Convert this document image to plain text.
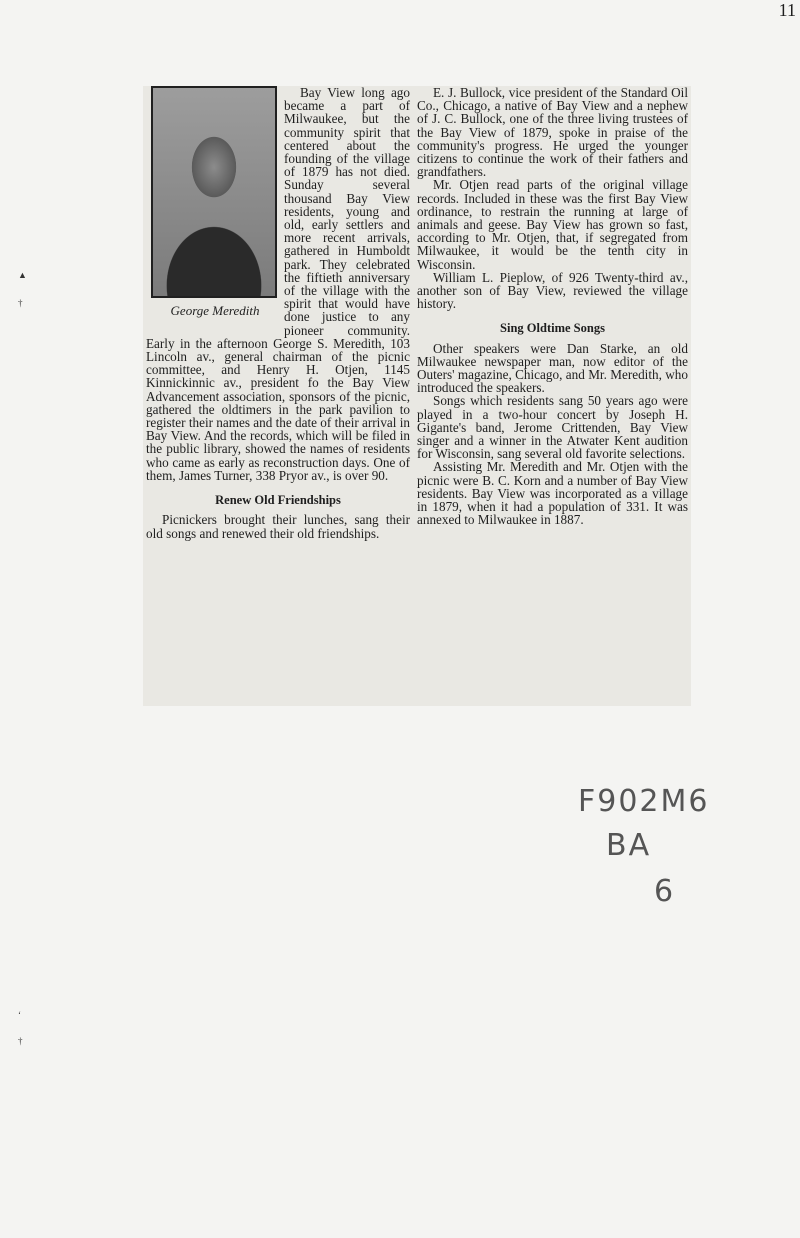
11
▲
†
‘
†
George Meredith

Bay View long ago became a part of Milwaukee, but the community spirit that centered about the founding of the village of 1879 has not died. Sunday several thousand Bay View residents, young and old, early settlers and more recent arrivals, gathered in Humboldt park. They celebrated the fiftieth anniversary of the village with the spirit that would have done justice to any pioneer community. Early in the afternoon George S. Meredith, 103 Lincoln av., general chairman of the picnic committee, and Henry H. Otjen, 1145 Kinnickinnic av., president fo the Bay View Advancement association, sponsors of the picnic, gathered the oldtimers in the park pavilion to register their names and the date of their arrival in Bay View. And the records, which will be filed in the public library, showed the names of residents who came as early as reconstruction days. One of them, James Turner, 338 Pryor av., is over 90.

Renew Old Friendships

Picnickers brought their lunches, sang their old songs and renewed their old friendships.

E. J. Bullock, vice president of the Standard Oil Co., Chicago, a native of Bay View and a nephew of J. C. Bullock, one of the three living trustees of the Bay View of 1879, spoke in praise of the community's progress. He urged the younger citizens to continue the work of their fathers and grandfathers.

Mr. Otjen read parts of the original village records. Included in these was the first Bay View ordinance, to restrain the running at large of animals and geese. Bay View has grown so fast, according to Mr. Otjen, that, if segregated from Milwaukee, it would be the tenth city in Wisconsin.

William L. Pieplow, of 926 Twenty-third av., another son of Bay View, reviewed the village history.

Sing Oldtime Songs

Other speakers were Dan Starke, an old Milwaukee newspaper man, now editor of the Outers' magazine, Chicago, and Mr. Meredith, who introduced the speakers.

Songs which residents sang 50 years ago were played in a two-hour concert by Joseph H. Gigante's band, Jerome Crittenden, Bay View singer and a winner in the Atwater Kent audition for Wisconsin, sang several old favorite selections.

Assisting Mr. Meredith and Mr. Otjen with the picnic were B. C. Korn and a number of Bay View residents. Bay View was incorporated as a village in 1879, when it had a population of 331. It was annexed to Milwaukee in 1887.

F902M6
BA
6
